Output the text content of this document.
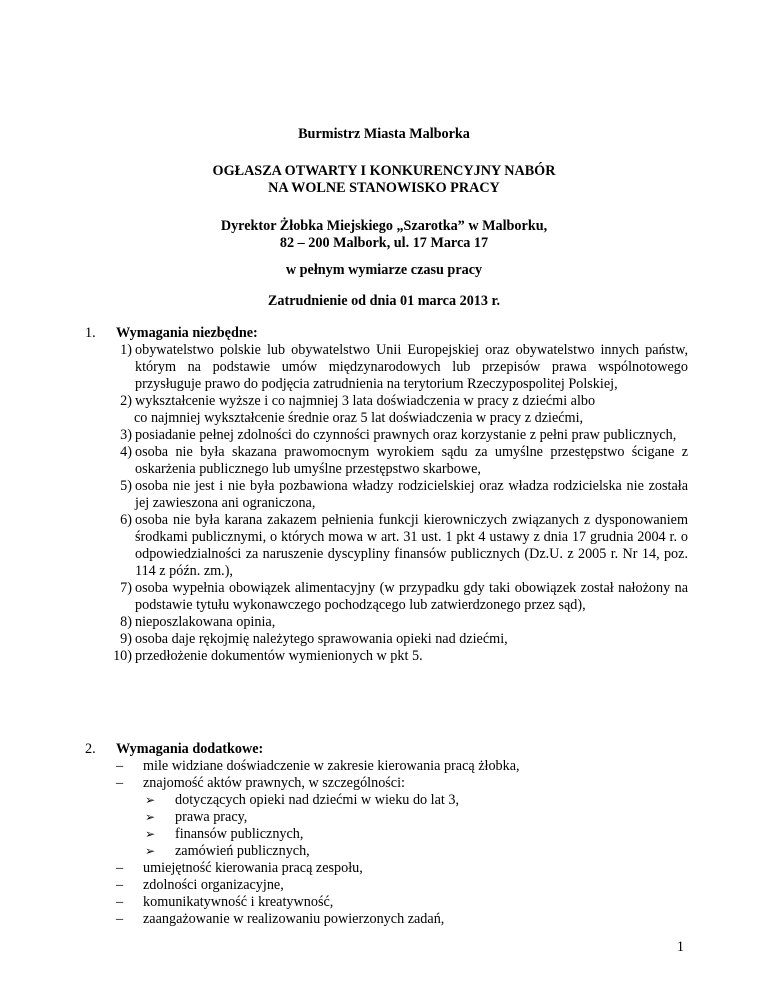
Burmistrz Miasta Malborka
OGŁASZA OTWARTY I KONKURENCYJNY NABÓR
NA WOLNE STANOWISKO PRACY
Dyrektor Żłobka Miejskiego „Szarotka” w Malborku,
82 – 200 Malbork, ul. 17 Marca 17
w pełnym wymiarze czasu pracy
Zatrudnienie od dnia 01 marca 2013 r.
1. Wymagania niezbędne:
1) obywatelstwo polskie lub obywatelstwo Unii Europejskiej oraz obywatelstwo innych państw, którym na podstawie umów międzynarodowych lub przepisów prawa wspólnotowego przysługuje prawo do podjęcia zatrudnienia na terytorium Rzeczypospolitej Polskiej,
2) wykształcenie wyższe i co najmniej 3 lata doświadczenia w pracy z dziećmi albo
co najmniej wykształcenie średnie oraz 5 lat doświadczenia w pracy z dziećmi,
3) posiadanie pełnej zdolności do czynności prawnych oraz korzystanie z pełni praw publicznych,
4) osoba nie była skazana prawomocnym wyrokiem sądu za umyślne przestępstwo ścigane z oskarżenia publicznego lub umyślne przestępstwo skarbowe,
5) osoba nie jest i nie była pozbawiona władzy rodzicielskiej oraz władza rodzicielska nie została jej zawieszona ani ograniczona,
6) osoba nie była karana zakazem pełnienia funkcji kierowniczych związanych z dysponowaniem środkami publicznymi, o których mowa w art. 31 ust. 1 pkt 4 ustawy z dnia 17 grudnia 2004 r. o odpowiedzialności za naruszenie dyscypliny finansów publicznych (Dz.U. z 2005 r. Nr 14, poz. 114 z późn. zm.),
7) osoba wypełnia obowiązek alimentacyjny (w przypadku gdy taki obowiązek został nałożony na podstawie tytułu wykonawczego pochodzącego lub zatwierdzonego przez sąd),
8) nieposzlakowana opinia,
9) osoba daje rękojmię należytego sprawowania opieki nad dziećmi,
10) przedłożenie dokumentów wymienionych w pkt 5.
2. Wymagania dodatkowe:
– mile widziane doświadczenie w zakresie kierowania pracą żłobka,
– znajomość aktów prawnych, w szczególności:
➢ dotyczących opieki nad dziećmi w wieku do lat 3,
➢ prawa pracy,
➢ finansów publicznych,
➢ zamówień publicznych,
– umiejętność kierowania pracą zespołu,
– zdolności organizacyjne,
– komunikatywność i kreatywność,
– zaangażowanie w realizowaniu powierzonych zadań,
1
